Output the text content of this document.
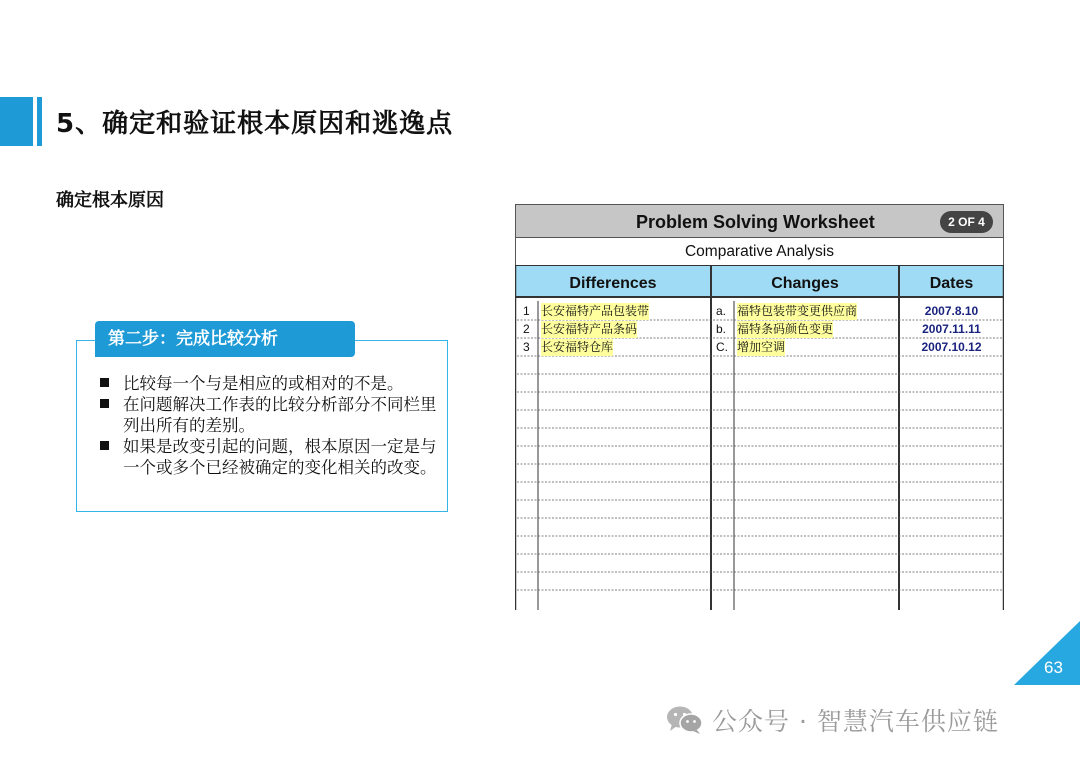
5、确定和验证根本原因和逃逸点
确定根本原因
第二步：完成比较分析
比较每一个与是相应的或相对的不是。
在问题解决工作表的比较分析部分不同栏里列出所有的差别。
如果是改变引起的问题，根本原因一定是与一个或多个已经被确定的变化相关的改变。
Problem Solving Worksheet	2 OF 4
Comparative Analysis
Differences	Changes	Dates
1 长安福特产品包装带	a. 福特包装带变更供应商	2007.8.10
2 长安福特产品条码	b. 福特条码颜色变更	2007.11.11
3 长安福特仓库	C. 增加空调	2007.10.12
63
公众号 · 智慧汽车供应链
